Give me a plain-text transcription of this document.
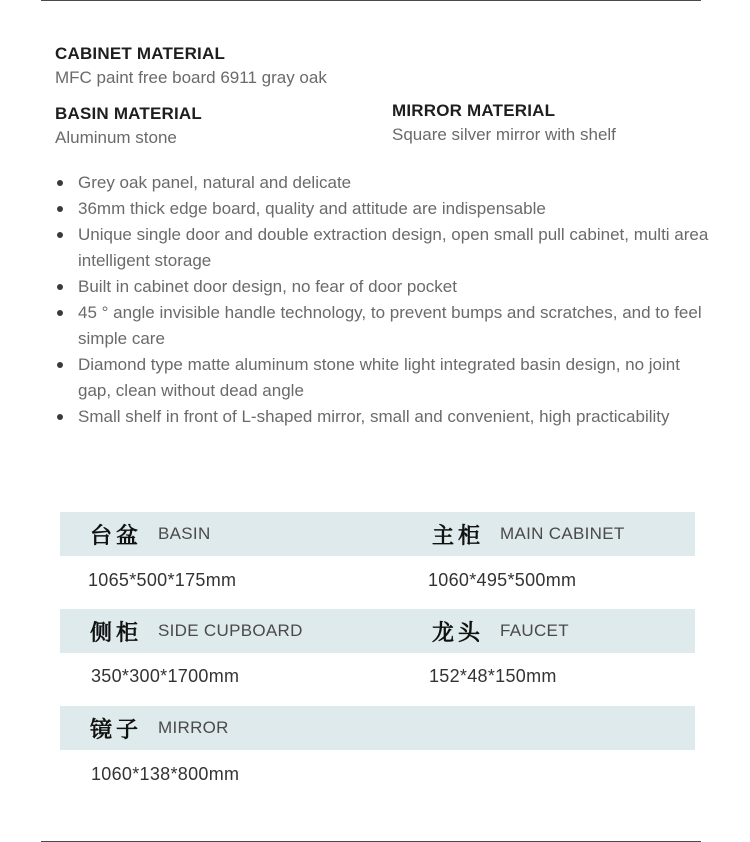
CABINET MATERIAL
MFC paint free board 6911 gray oak
BASIN MATERIAL
Aluminum stone
MIRROR MATERIAL
Square silver mirror with shelf
Grey oak panel, natural and delicate
36mm thick edge board, quality and attitude are indispensable
Unique single door and double extraction design, open small pull cabinet, multi area intelligent storage
Built in cabinet door design, no fear of door pocket
45 ° angle invisible handle technology, to prevent bumps and scratches, and to feel simple care
Diamond type matte aluminum stone white light integrated basin design, no joint gap, clean without dead angle
Small shelf in front of L-shaped mirror, small and convenient, high practicability
台盆 BASIN	主柜 MAIN CABINET
1065*500*175mm	1060*495*500mm
侧柜 SIDE CUPBOARD	龙头 FAUCET
350*300*1700mm	152*48*150mm
镜子 MIRROR
1060*138*800mm
